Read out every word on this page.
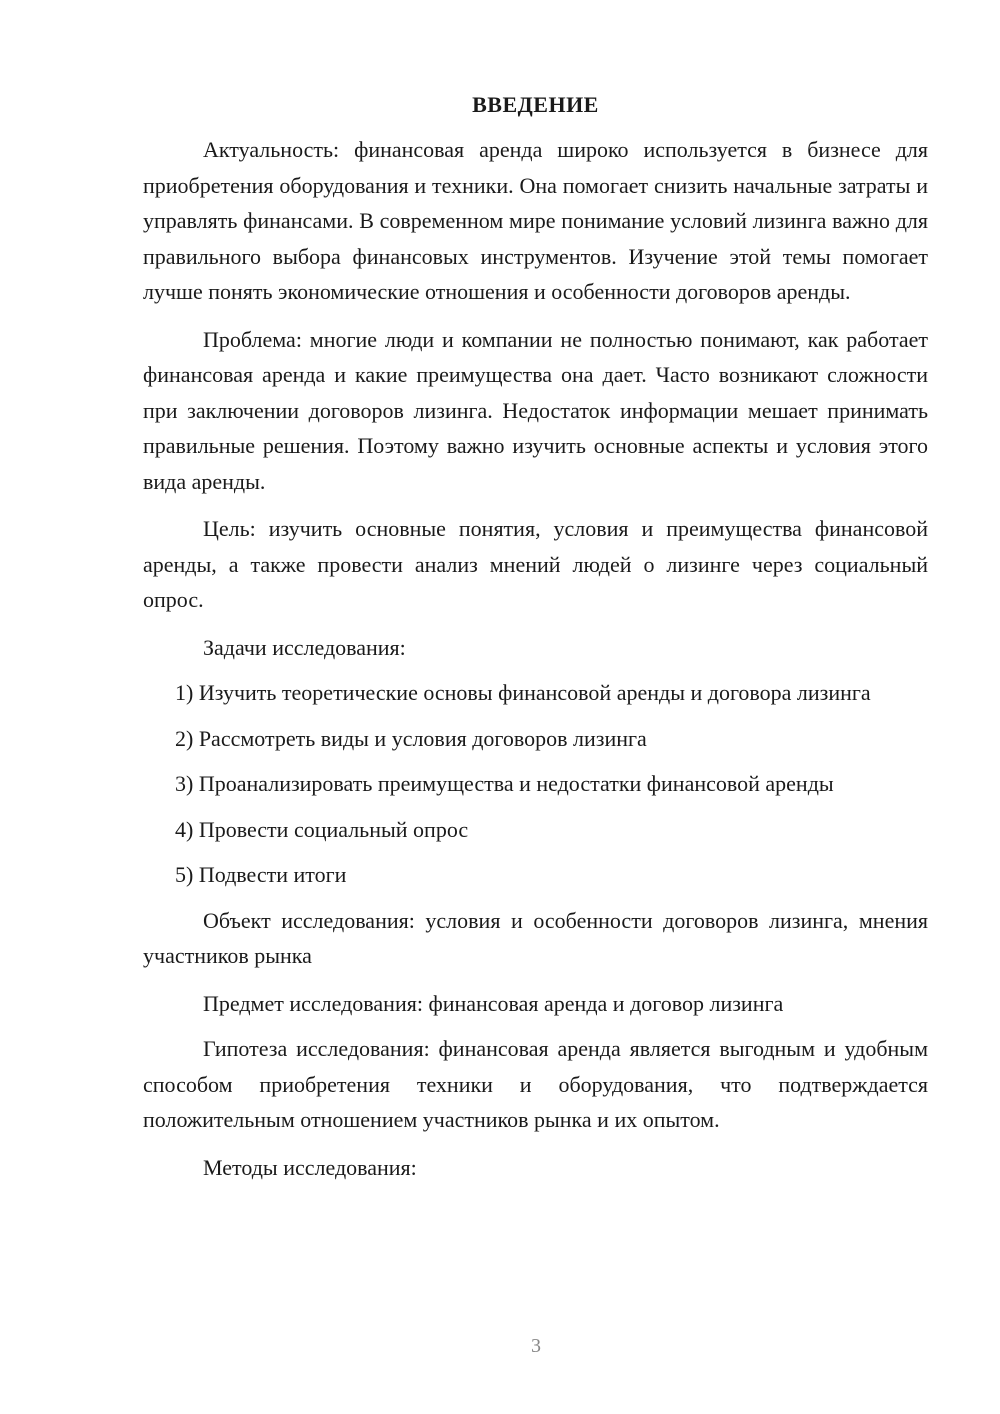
ВВЕДЕНИЕ

Актуальность: финансовая аренда широко используется в бизнесе для приобретения оборудования и техники. Она помогает снизить начальные затраты и управлять финансами. В современном мире понимание условий лизинга важно для правильного выбора финансовых инструментов. Изучение этой темы помогает лучше понять экономические отношения и особенности договоров аренды.

Проблема: многие люди и компании не полностью понимают, как работает финансовая аренда и какие преимущества она дает. Часто возникают сложности при заключении договоров лизинга. Недостаток информации мешает принимать правильные решения. Поэтому важно изучить основные аспекты и условия этого вида аренды.

Цель: изучить основные понятия, условия и преимущества финансовой аренды, а также провести анализ мнений людей о лизинге через социальный опрос.

Задачи исследования:

1) Изучить теоретические основы финансовой аренды и договора лизинга
2) Рассмотреть виды и условия договоров лизинга
3) Проанализировать преимущества и недостатки финансовой аренды
4) Провести социальный опрос
5) Подвести итоги

Объект исследования: условия и особенности договоров лизинга, мнения участников рынка

Предмет исследования: финансовая аренда и договор лизинга

Гипотеза исследования: финансовая аренда является выгодным и удобным способом приобретения техники и оборудования, что подтверждается положительным отношением участников рынка и их опытом.

Методы исследования:

3
